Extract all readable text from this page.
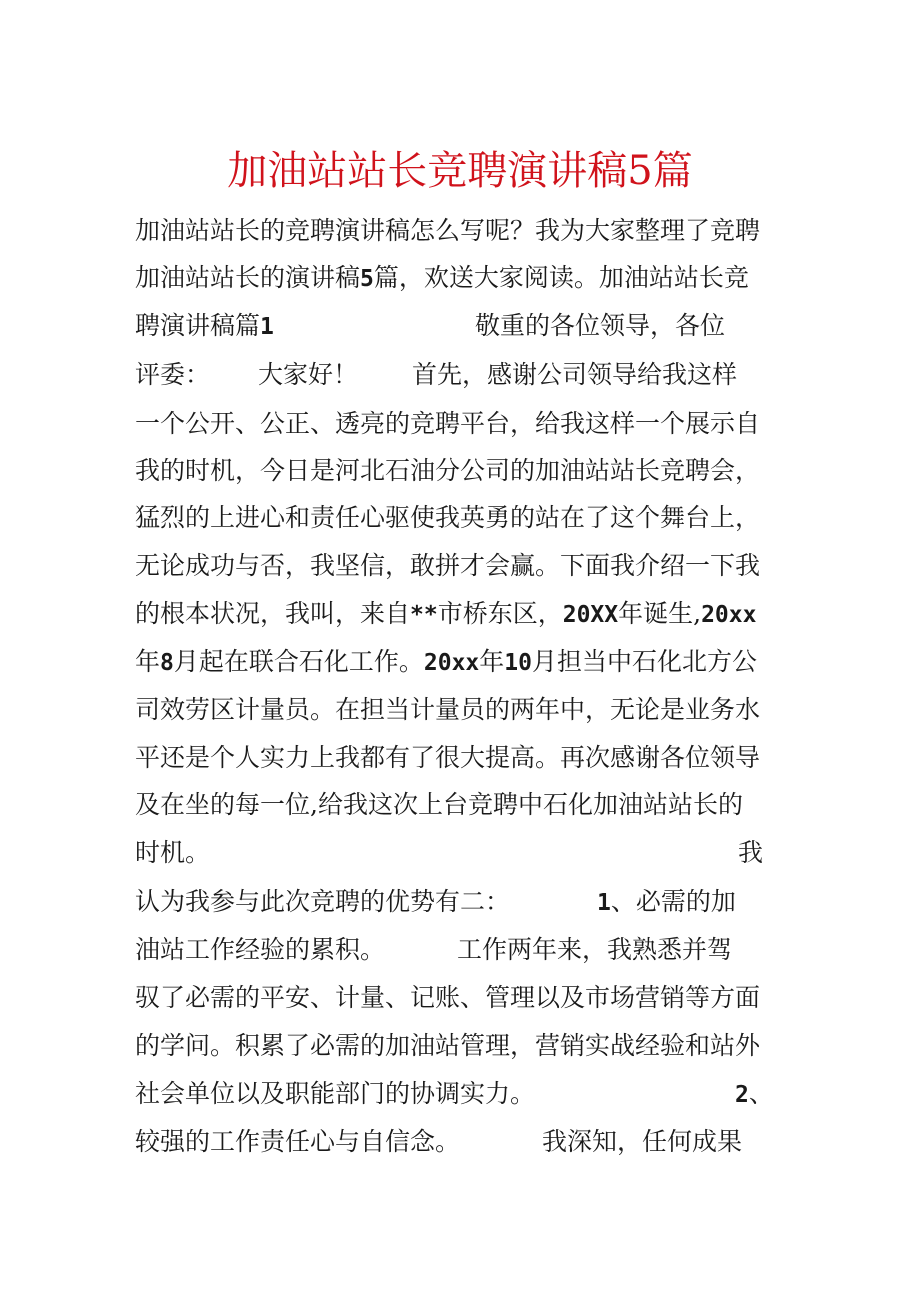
加油站站长竞聘演讲稿5篇
加油站站长的竞聘演讲稿怎么写呢？我为大家整理了竞聘
加油站站长的演讲稿5篇，欢送大家阅读。加油站站长竞
聘演讲稿篇1	敬重的各位领导，各位
评委： 大家好！ 首先，感谢公司领导给我这样
一个公开、公正、透亮的竞聘平台，给我这样一个展示自
我的时机，今日是河北石油分公司的加油站站长竞聘会，
猛烈的上进心和责任心驱使我英勇的站在了这个舞台上，
无论成功与否，我坚信，敢拼才会赢。下面我介绍一下我
的根本状况，我叫，来自**市桥东区，20XX年诞生,20xx
年8月起在联合石化工作。20xx年10月担当中石化北方公
司效劳区计量员。在担当计量员的两年中，无论是业务水
平还是个人实力上我都有了很大提高。再次感谢各位领导
及在坐的每一位,给我这次上台竞聘中石化加油站站长的
时机。	我
认为我参与此次竞聘的优势有二：	1、必需的加
油站工作经验的累积。	工作两年来，我熟悉并驾
驭了必需的平安、计量、记账、管理以及市场营销等方面
的学问。积累了必需的加油站管理，营销实战经验和站外
社会单位以及职能部门的协调实力。	2、
较强的工作责任心与自信念。	我深知，任何成果
